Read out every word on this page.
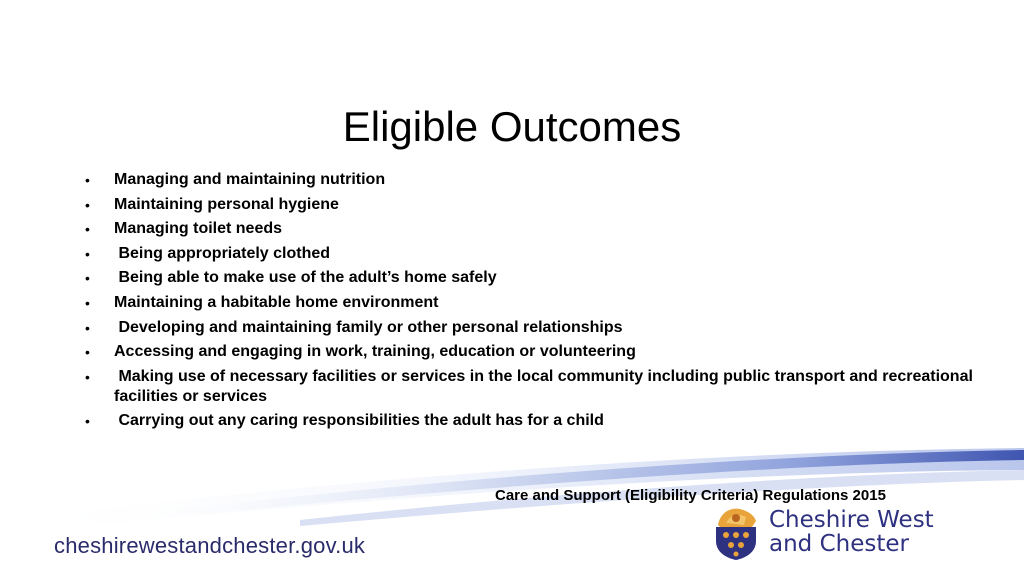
Eligible Outcomes
• Managing and maintaining nutrition
• Maintaining personal hygiene
• Managing toilet needs
• Being appropriately clothed
• Being able to make use of the adult’s home safely
• Maintaining a habitable home environment
• Developing and maintaining family or other personal relationships
• Accessing and engaging in work, training, education or volunteering
• Making use of necessary facilities or services in the local community including public transport and recreational facilities or services
• Carrying out any caring responsibilities the adult has for a child
Care and Support (Eligibility Criteria) Regulations 2015
cheshirewestandchester.gov.uk
Cheshire West
and Chester
